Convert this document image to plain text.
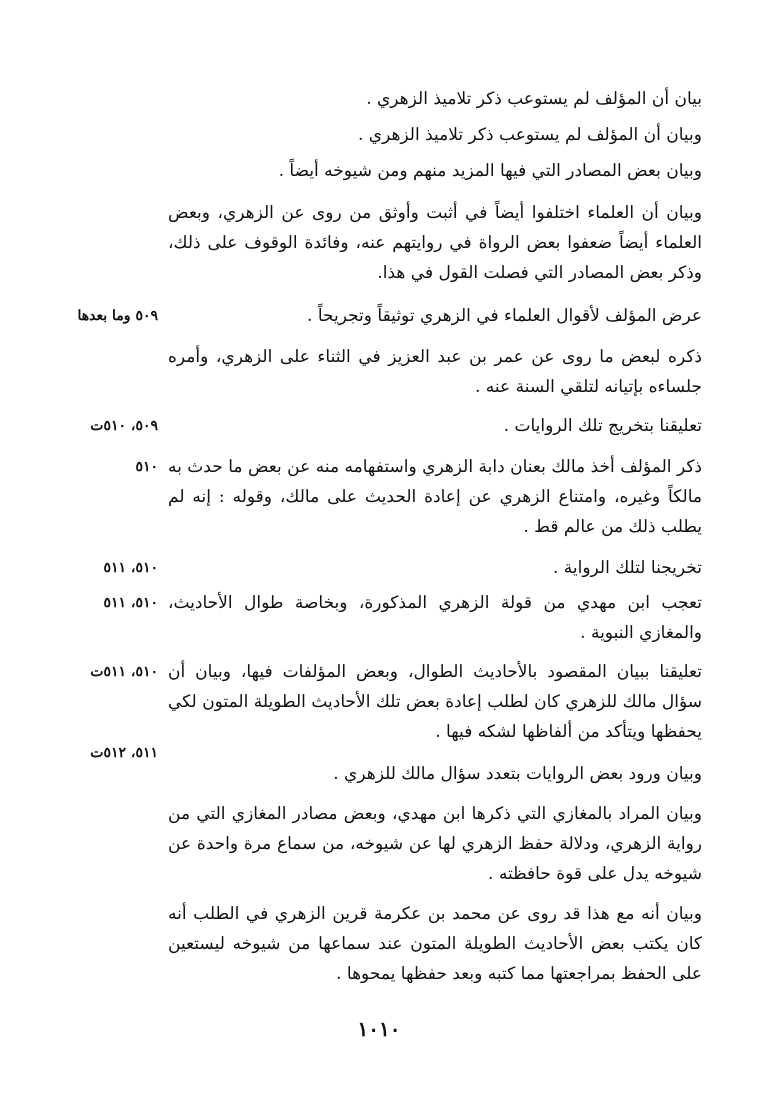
بيان أن المؤلف لم يستوعب ذكر تلاميذ الزهري .
وبيان أن المؤلف لم يستوعب ذكر تلاميذ الزهري .
وبيان بعض المصادر التي فيها المزيد منهم ومن شيوخه أيضاً .
وبيان أن العلماء اختلفوا أيضاً في أثبت وأوثق من روى عن الزهري، وبعض العلماء أيضاً ضعفوا بعض الرواة في روايتهم عنه، وفائدة الوقوف على ذلك، وذكر بعض المصادر التي فصلت القول في هذا.
عرض المؤلف لأقوال العلماء في الزهري توثيقاً وتجريحاً .
٥٠٩ وما بعدها
ذكره لبعض ما روى عن عمر بن عبد العزيز في الثناء على الزهري، وأمره جلساءه بإتيانه لتلقي السنة عنه .
تعليقنا بتخريج تلك الروايات .
٥٠٩، ٥١٠ت
ذكر المؤلف أخذ مالك بعنان دابة الزهري واستفهامه منه عن بعض ما حدث به مالكاً وغيره، وامتناع الزهري عن إعادة الحديث على مالك، وقوله : إنه لم يطلب ذلك من عالم قط .
٥١٠
تخريجنا لتلك الرواية .
٥١٠، ٥١١
تعجب ابن مهدي من قولة الزهري المذكورة، وبخاصة طوال الأحاديث، والمغازي النبوية .
٥١٠، ٥١١
تعليقنا ببيان المقصود بالأحاديث الطوال، وبعض المؤلفات فيها، وبيان أن سؤال مالك للزهري كان لطلب إعادة بعض تلك الأحاديث الطويلة المتون لكي يحفظها ويتأكد من ألفاظها لشكه فيها .
٥١٠، ٥١١ت
٥١١، ٥١٢ت
وبيان ورود بعض الروايات بتعدد سؤال مالك للزهري .
وبيان المراد بالمغازي التي ذكرها ابن مهدي، وبعض مصادر المغازي التي من رواية الزهري، ودلالة حفظ الزهري لها عن شيوخه، من سماع مرة واحدة عن شيوخه يدل على قوة حافظته .
وبيان أنه مع هذا قد روى عن محمد بن عكرمة قرين الزهري في الطلب أنه كان يكتب بعض الأحاديث الطويلة المتون عند سماعها من شيوخه ليستعين على الحفظ بمراجعتها مما كتبه وبعد حفظها يمحوها .
١٠١٠
